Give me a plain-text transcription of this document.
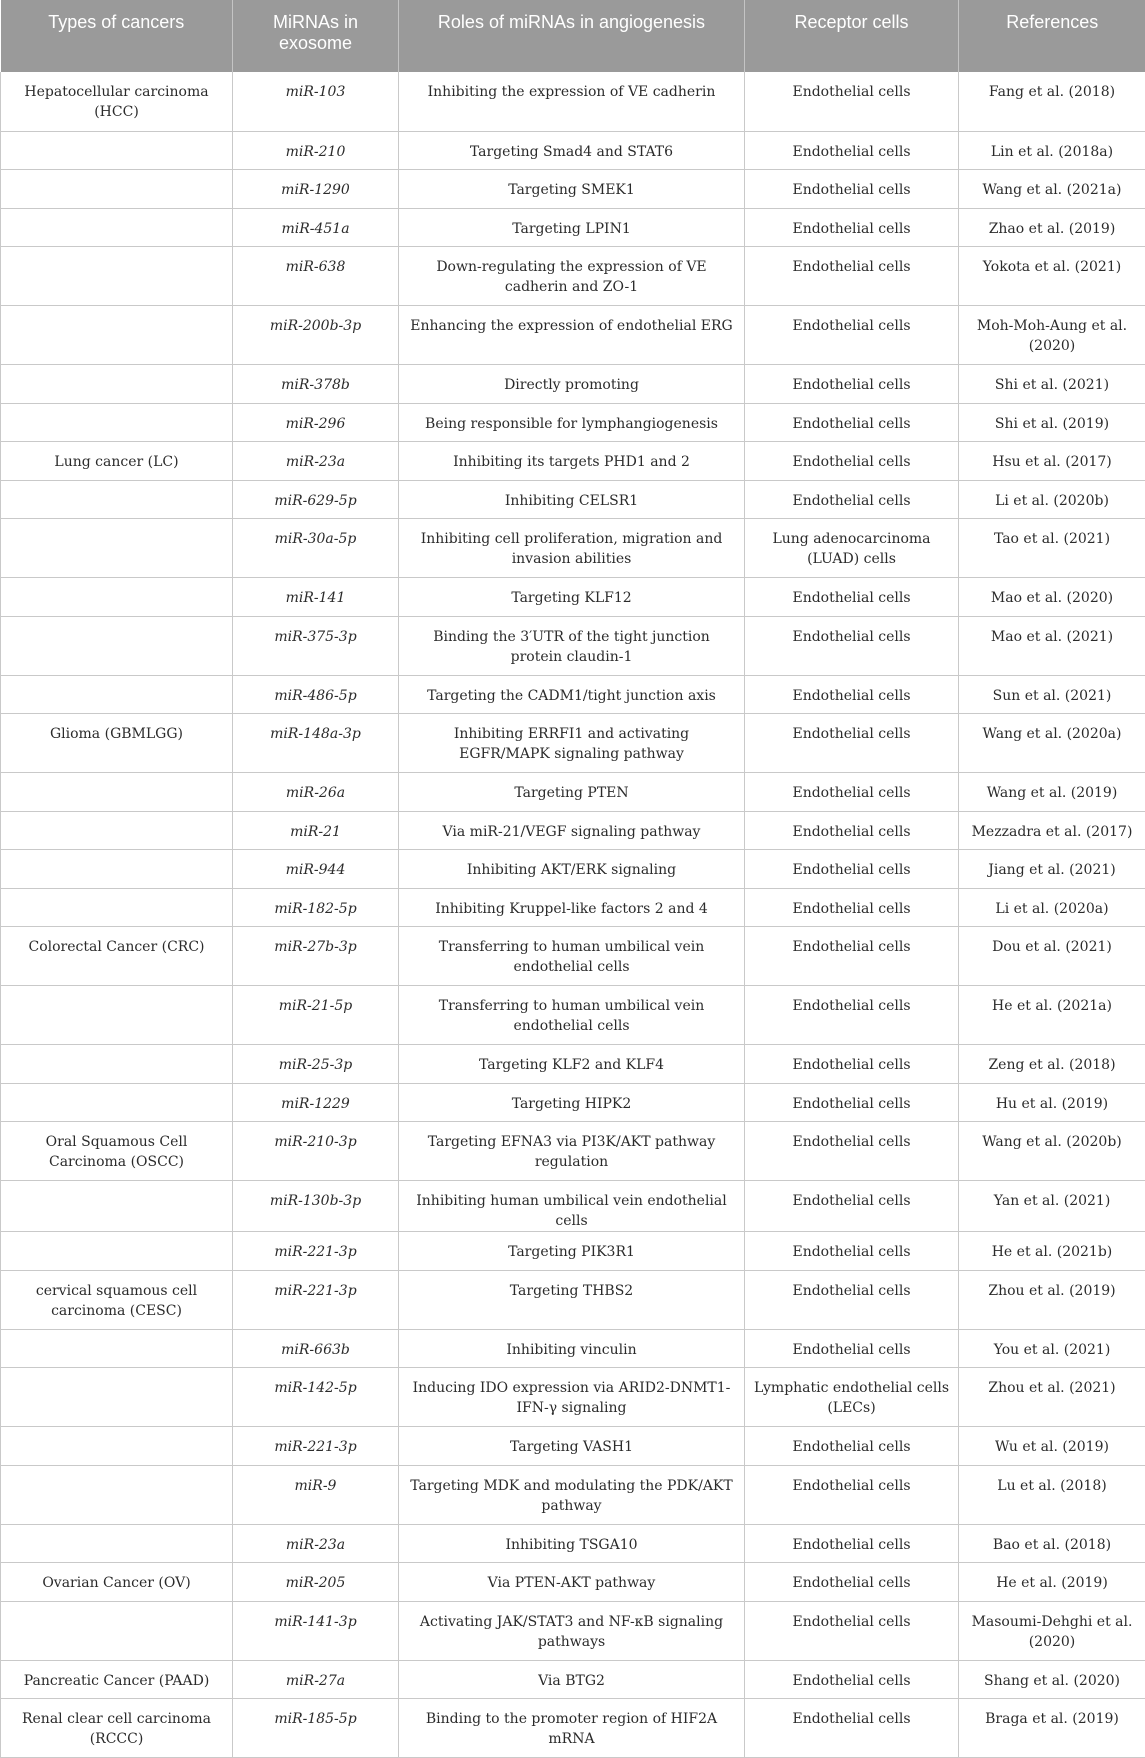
Types of cancers	MiRNAs in exosome	Roles of miRNAs in angiogenesis	Receptor cells	References
Hepatocellular carcinoma (HCC)	miR-103	Inhibiting the expression of VE cadherin	Endothelial cells	Fang et al. (2018)
	miR-210	Targeting Smad4 and STAT6	Endothelial cells	Lin et al. (2018a)
	miR-1290	Targeting SMEK1	Endothelial cells	Wang et al. (2021a)
	miR-451a	Targeting LPIN1	Endothelial cells	Zhao et al. (2019)
	miR-638	Down-regulating the expression of VE cadherin and ZO-1	Endothelial cells	Yokota et al. (2021)
	miR-200b-3p	Enhancing the expression of endothelial ERG	Endothelial cells	Moh-Moh-Aung et al. (2020)
	miR-378b	Directly promoting	Endothelial cells	Shi et al. (2021)
	miR-296	Being responsible for lymphangiogenesis	Endothelial cells	Shi et al. (2019)
Lung cancer (LC)	miR-23a	Inhibiting its targets PHD1 and 2	Endothelial cells	Hsu et al. (2017)
	miR-629-5p	Inhibiting CELSR1	Endothelial cells	Li et al. (2020b)
	miR-30a-5p	Inhibiting cell proliferation, migration and invasion abilities	Lung adenocarcinoma (LUAD) cells	Tao et al. (2021)
	miR-141	Targeting KLF12	Endothelial cells	Mao et al. (2020)
	miR-375-3p	Binding the 3′UTR of the tight junction protein claudin-1	Endothelial cells	Mao et al. (2021)
	miR-486-5p	Targeting the CADM1/tight junction axis	Endothelial cells	Sun et al. (2021)
Glioma (GBMLGG)	miR-148a-3p	Inhibiting ERRFI1 and activating EGFR/MAPK signaling pathway	Endothelial cells	Wang et al. (2020a)
	miR-26a	Targeting PTEN	Endothelial cells	Wang et al. (2019)
	miR-21	Via miR-21/VEGF signaling pathway	Endothelial cells	Mezzadra et al. (2017)
	miR-944	Inhibiting AKT/ERK signaling	Endothelial cells	Jiang et al. (2021)
	miR-182-5p	Inhibiting Kruppel-like factors 2 and 4	Endothelial cells	Li et al. (2020a)
Colorectal Cancer (CRC)	miR-27b-3p	Transferring to human umbilical vein endothelial cells	Endothelial cells	Dou et al. (2021)
	miR-21-5p	Transferring to human umbilical vein endothelial cells	Endothelial cells	He et al. (2021a)
	miR-25-3p	Targeting KLF2 and KLF4	Endothelial cells	Zeng et al. (2018)
	miR-1229	Targeting HIPK2	Endothelial cells	Hu et al. (2019)
Oral Squamous Cell Carcinoma (OSCC)	miR-210-3p	Targeting EFNA3 via PI3K/AKT pathway regulation	Endothelial cells	Wang et al. (2020b)
	miR-130b-3p	Inhibiting human umbilical vein endothelial cells	Endothelial cells	Yan et al. (2021)
	miR-221-3p	Targeting PIK3R1	Endothelial cells	He et al. (2021b)
cervical squamous cell carcinoma (CESC)	miR-221-3p	Targeting THBS2	Endothelial cells	Zhou et al. (2019)
	miR-663b	Inhibiting vinculin	Endothelial cells	You et al. (2021)
	miR-142-5p	Inducing IDO expression via ARID2-DNMT1-IFN-γ signaling	Lymphatic endothelial cells (LECs)	Zhou et al. (2021)
	miR-221-3p	Targeting VASH1	Endothelial cells	Wu et al. (2019)
	miR-9	Targeting MDK and modulating the PDK/AKT pathway	Endothelial cells	Lu et al. (2018)
	miR-23a	Inhibiting TSGA10	Endothelial cells	Bao et al. (2018)
Ovarian Cancer (OV)	miR-205	Via PTEN-AKT pathway	Endothelial cells	He et al. (2019)
	miR-141-3p	Activating JAK/STAT3 and NF-κB signaling pathways	Endothelial cells	Masoumi-Dehghi et al. (2020)
Pancreatic Cancer (PAAD)	miR-27a	Via BTG2	Endothelial cells	Shang et al. (2020)
Renal clear cell carcinoma (RCCC)	miR-185-5p	Binding to the promoter region of HIF2A mRNA	Endothelial cells	Braga et al. (2019)
